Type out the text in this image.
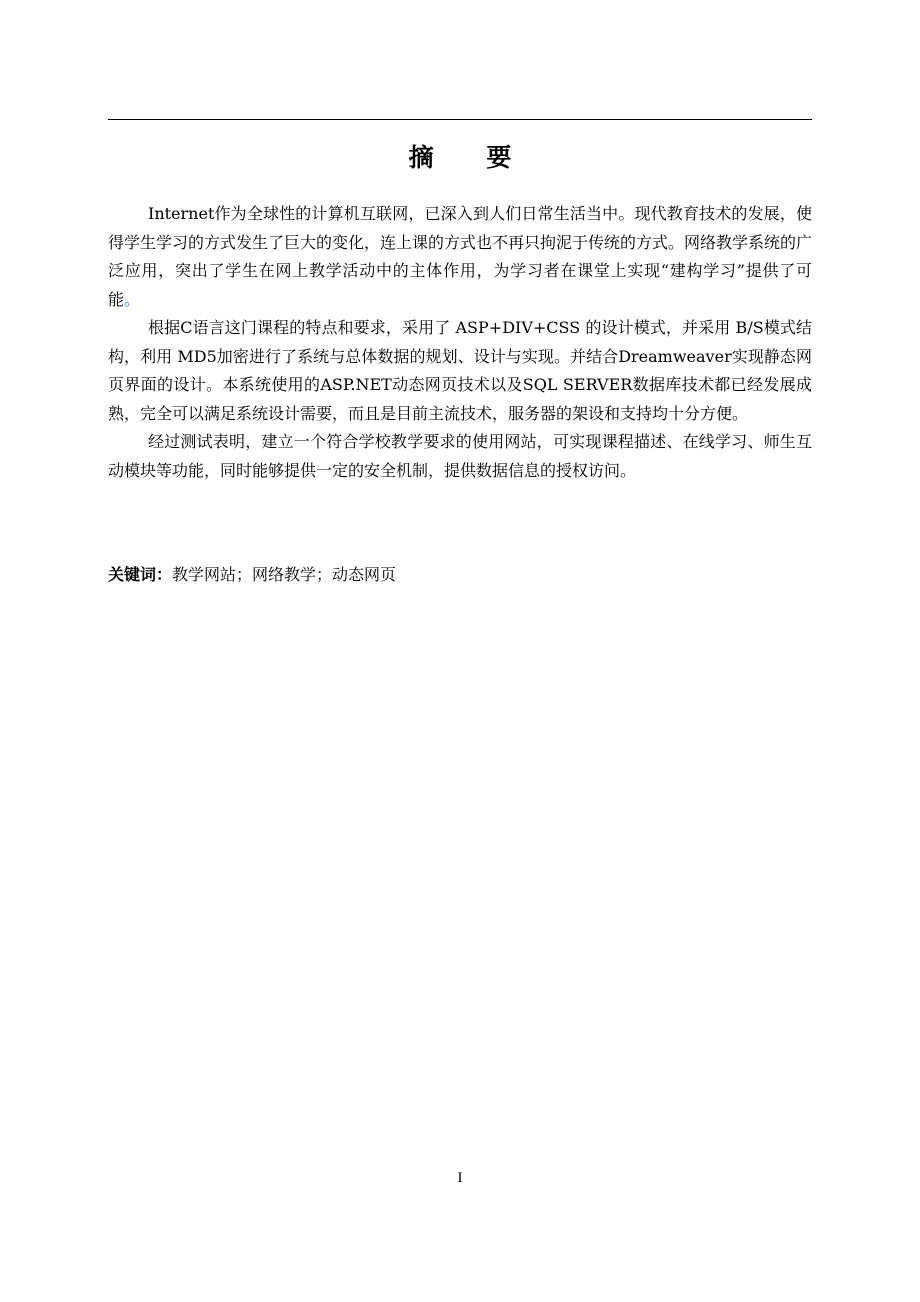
摘 要

Internet作为全球性的计算机互联网，已深入到人们日常生活当中。现代教育技术的发展，使得学生学习的方式发生了巨大的变化，连上课的方式也不再只拘泥于传统的方式。网络教学系统的广泛应用，突出了学生在网上教学活动中的主体作用，为学习者在课堂上实现“建构学习”提供了可能。

根据C语言这门课程的特点和要求，采用了 ASP+DIV+CSS 的设计模式，并采用 B/S模式结构，利用 MD5加密进行了系统与总体数据的规划、设计与实现。并结合Dreamweaver实现静态网页界面的设计。本系统使用的ASP.NET动态网页技术以及SQL SERVER数据库技术都已经发展成熟，完全可以满足系统设计需要，而且是目前主流技术，服务器的架设和支持均十分方便。

经过测试表明，建立一个符合学校教学要求的使用网站，可实现课程描述、在线学习、师生互动模块等功能，同时能够提供一定的安全机制，提供数据信息的授权访问。

关键词：教学网站；网络教学；动态网页
I
